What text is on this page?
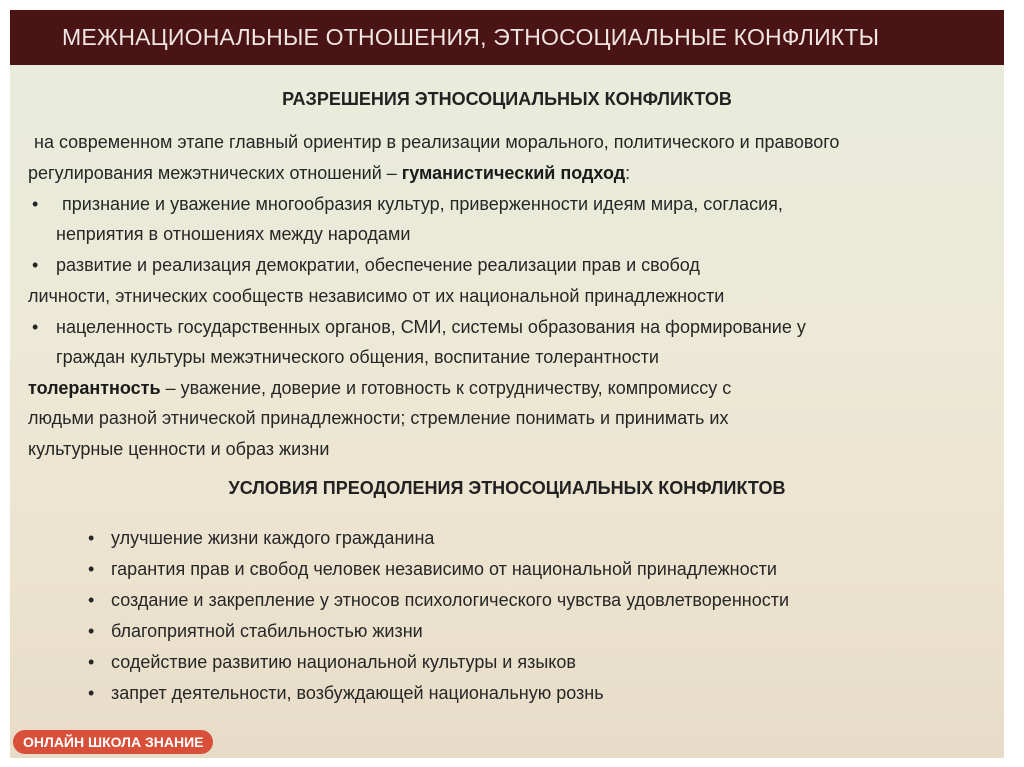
МЕЖНАЦИОНАЛЬНЫЕ ОТНОШЕНИЯ, ЭТНОСОЦИАЛЬНЫЕ КОНФЛИКТЫ
РАЗРЕШЕНИЯ ЭТНОСОЦИАЛЬНЫХ КОНФЛИКТОВ
на современном этапе главный ориентир в реализации морального, политического и правового
регулирования межэтнических отношений – гуманистический подход:
• признание и уважение многообразия культур, приверженности идеям мира, согласия,
неприятия в отношениях между народами
• развитие и реализация демократии, обеспечение реализации прав и свобод
личности, этнических сообществ независимо от их национальной принадлежности
• нацеленность государственных органов, СМИ, системы образования на формирование у
граждан культуры межэтнического общения, воспитание толерантности
толерантность – уважение, доверие и готовность к сотрудничеству, компромиссу с
людьми разной этнической принадлежности; стремление понимать и принимать их
культурные ценности и образ жизни
УСЛОВИЯ ПРЕОДОЛЕНИЯ ЭТНОСОЦИАЛЬНЫХ КОНФЛИКТОВ
• улучшение жизни каждого гражданина
• гарантия прав и свобод человек независимо от национальной принадлежности
• создание и закрепление у этносов психологического чувства удовлетворенности
• благоприятной стабильностью жизни
• содействие развитию национальной культуры и языков
• запрет деятельности, возбуждающей национальную рознь
ОНЛАЙН ШКОЛА ЗНАНИЕ
